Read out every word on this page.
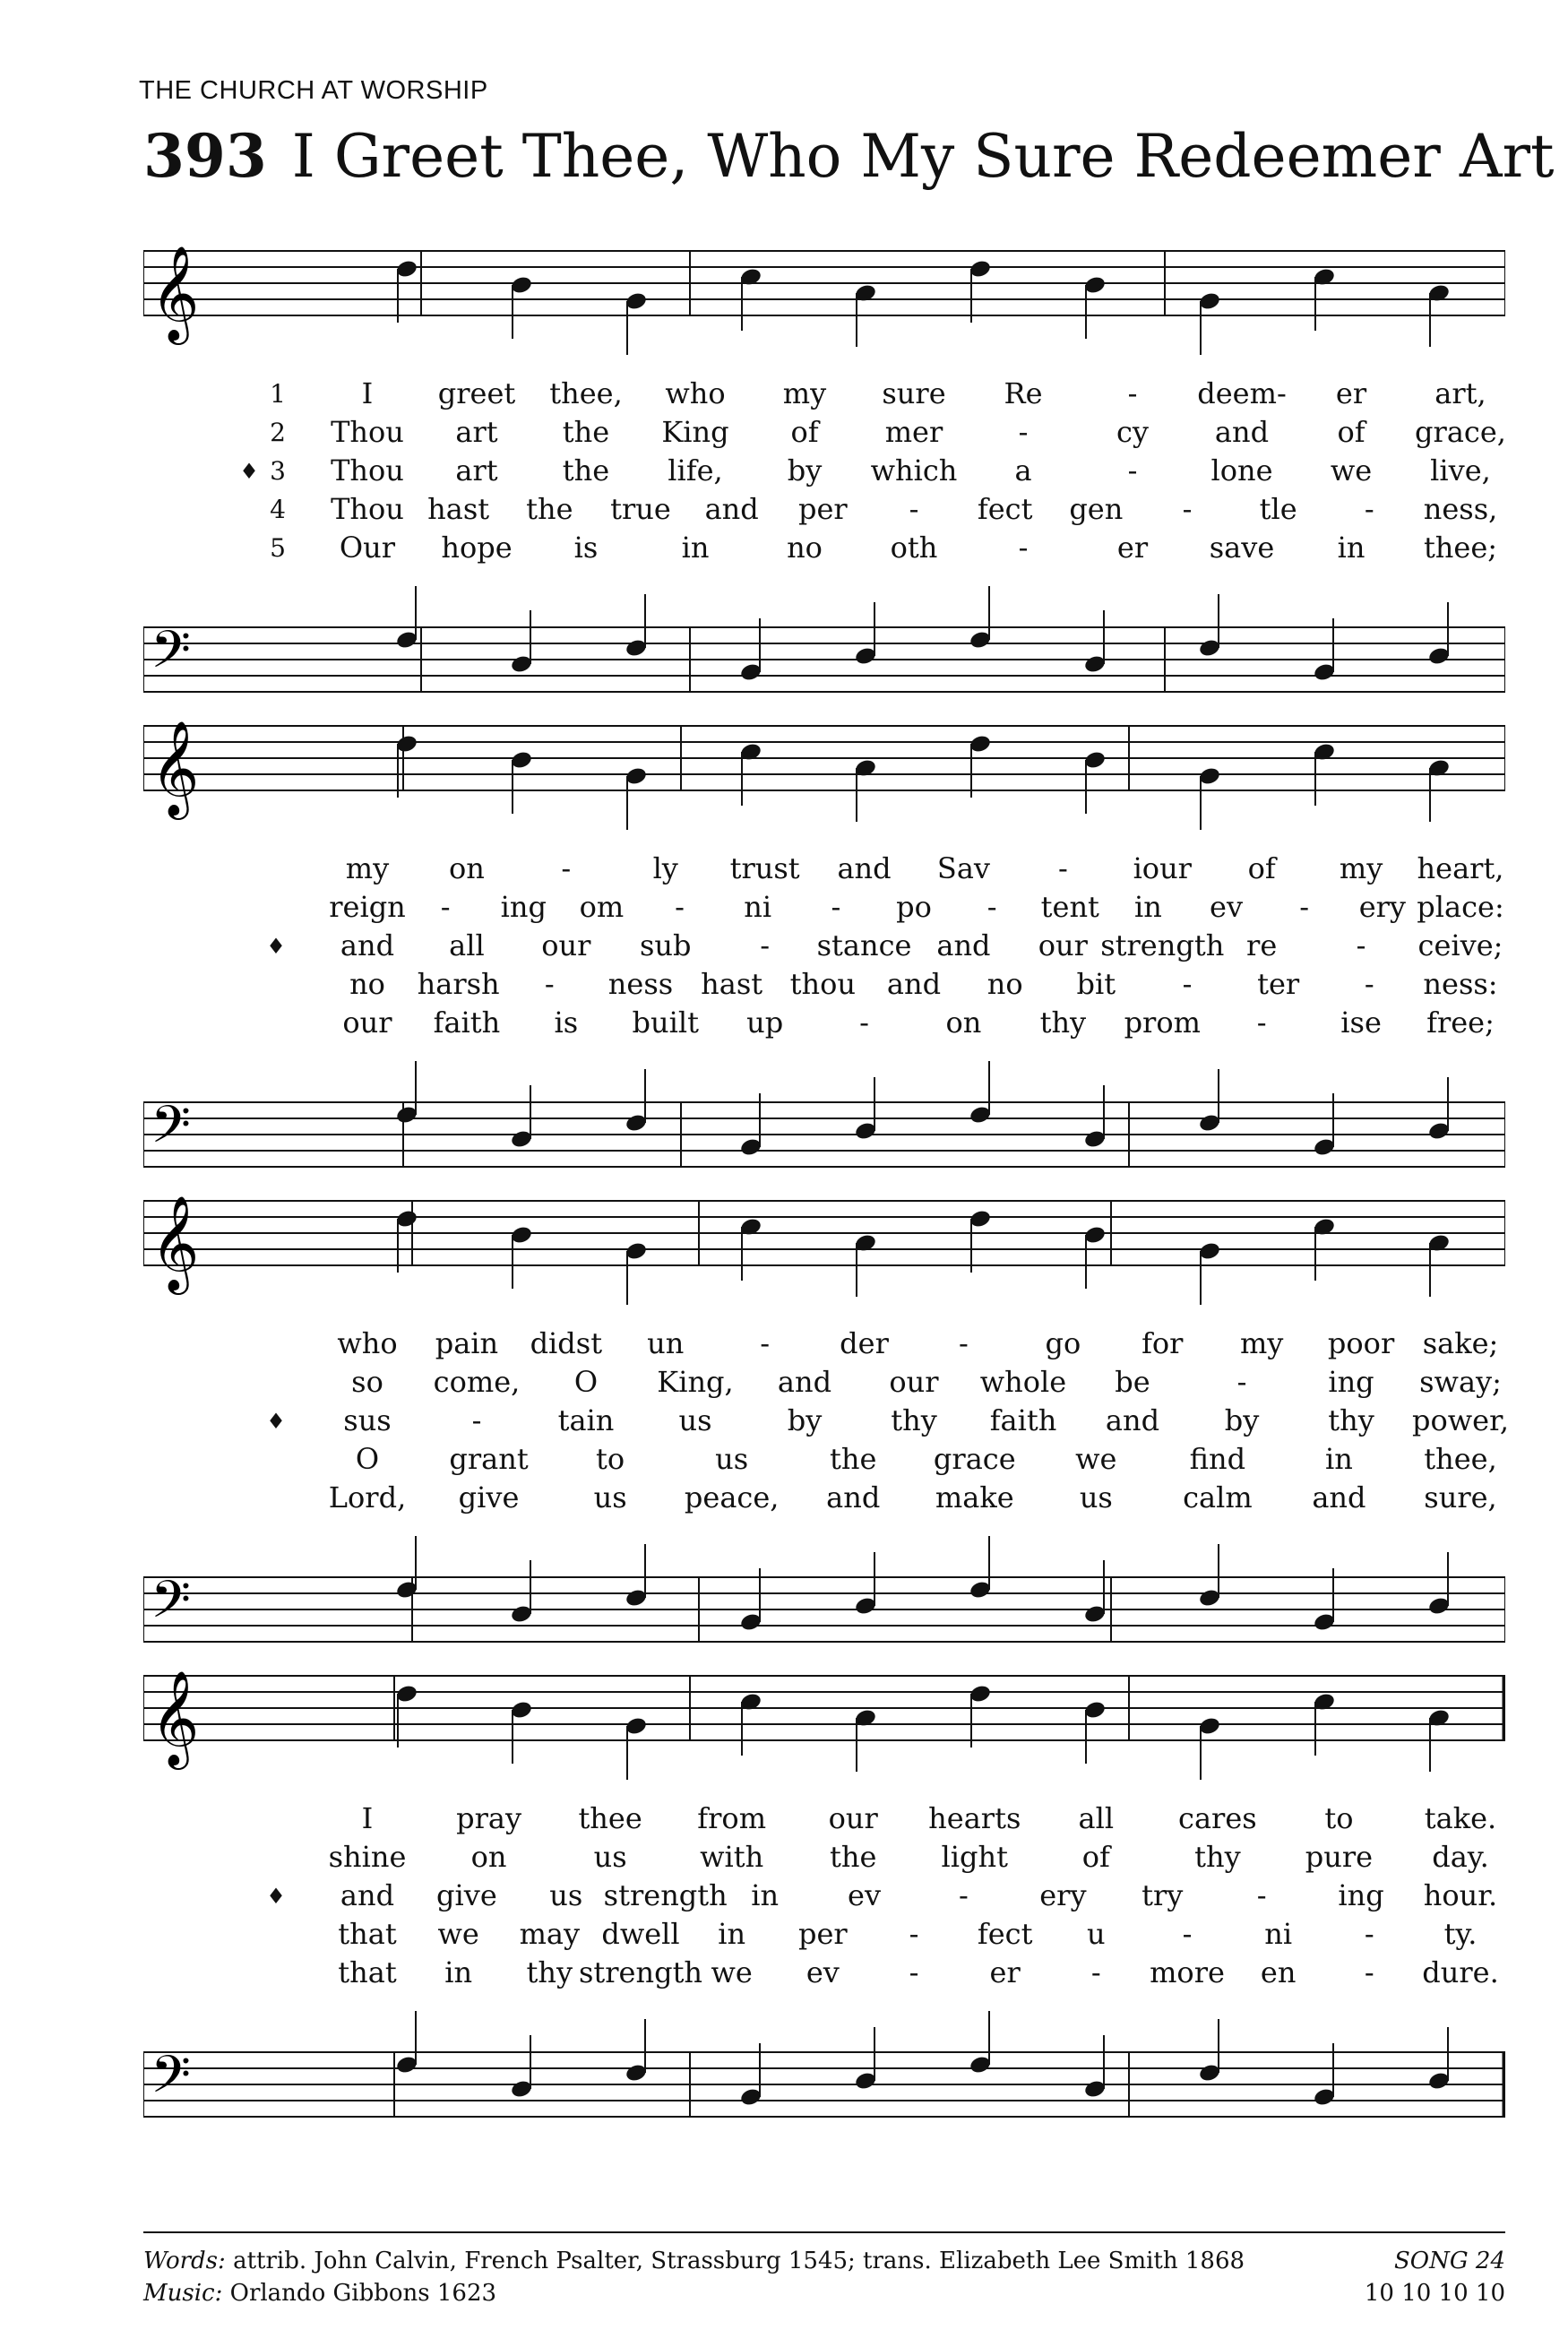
THE CHURCH AT WORSHIP
393 I Greet Thee, Who My Sure Redeemer Art
𝄞
𝄢
1	I greet thee, who my sure Re	- deem- er art,
2 Thou art the King of mer	-	cy and of grace,
3
♦	Thou art the life, by which a	-	lone we live,
4 Thou hast the true and per - fect gen - tle - ness,
5 Our hope is	in	no oth	-	er save in thee;
𝄞
𝄢
my on	-	ly trust and Sav - iour of my heart,
reign - ing om - ni - po - tent in ev - ery place:
♦ and all our sub - stance and our strength re	- ceive;
no harsh - ness hast thou and no bit - ter - ness:
our faith is built up	-	on thy prom -	ise free;
𝄞
𝄢
who pain didst un	- der -	go for my poor sake;
so come, O King, and our whole be	-	ing sway;
♦ sus	-	tain us	by thy faith and by thy power,
O grant to	us	the grace we	find	in thee,
Lord, give	us peace, and make us calm and sure,
𝄞
𝄢
I	pray thee from our hearts all cares to take.
shine on	us	with the light	of	thy pure day.
♦ and give us strength in ev	- ery try	- ing hour.
that we may dwell in per - fect u	-	ni	- ty.
that in thy strength we ev - er - more en - dure.
Words: attrib. John Calvin, French Psalter, Strassburg 1545; trans. Elizabeth Lee Smith 1868
Music: Orlando Gibbons 1623
SONG 24
10 10 10 10
